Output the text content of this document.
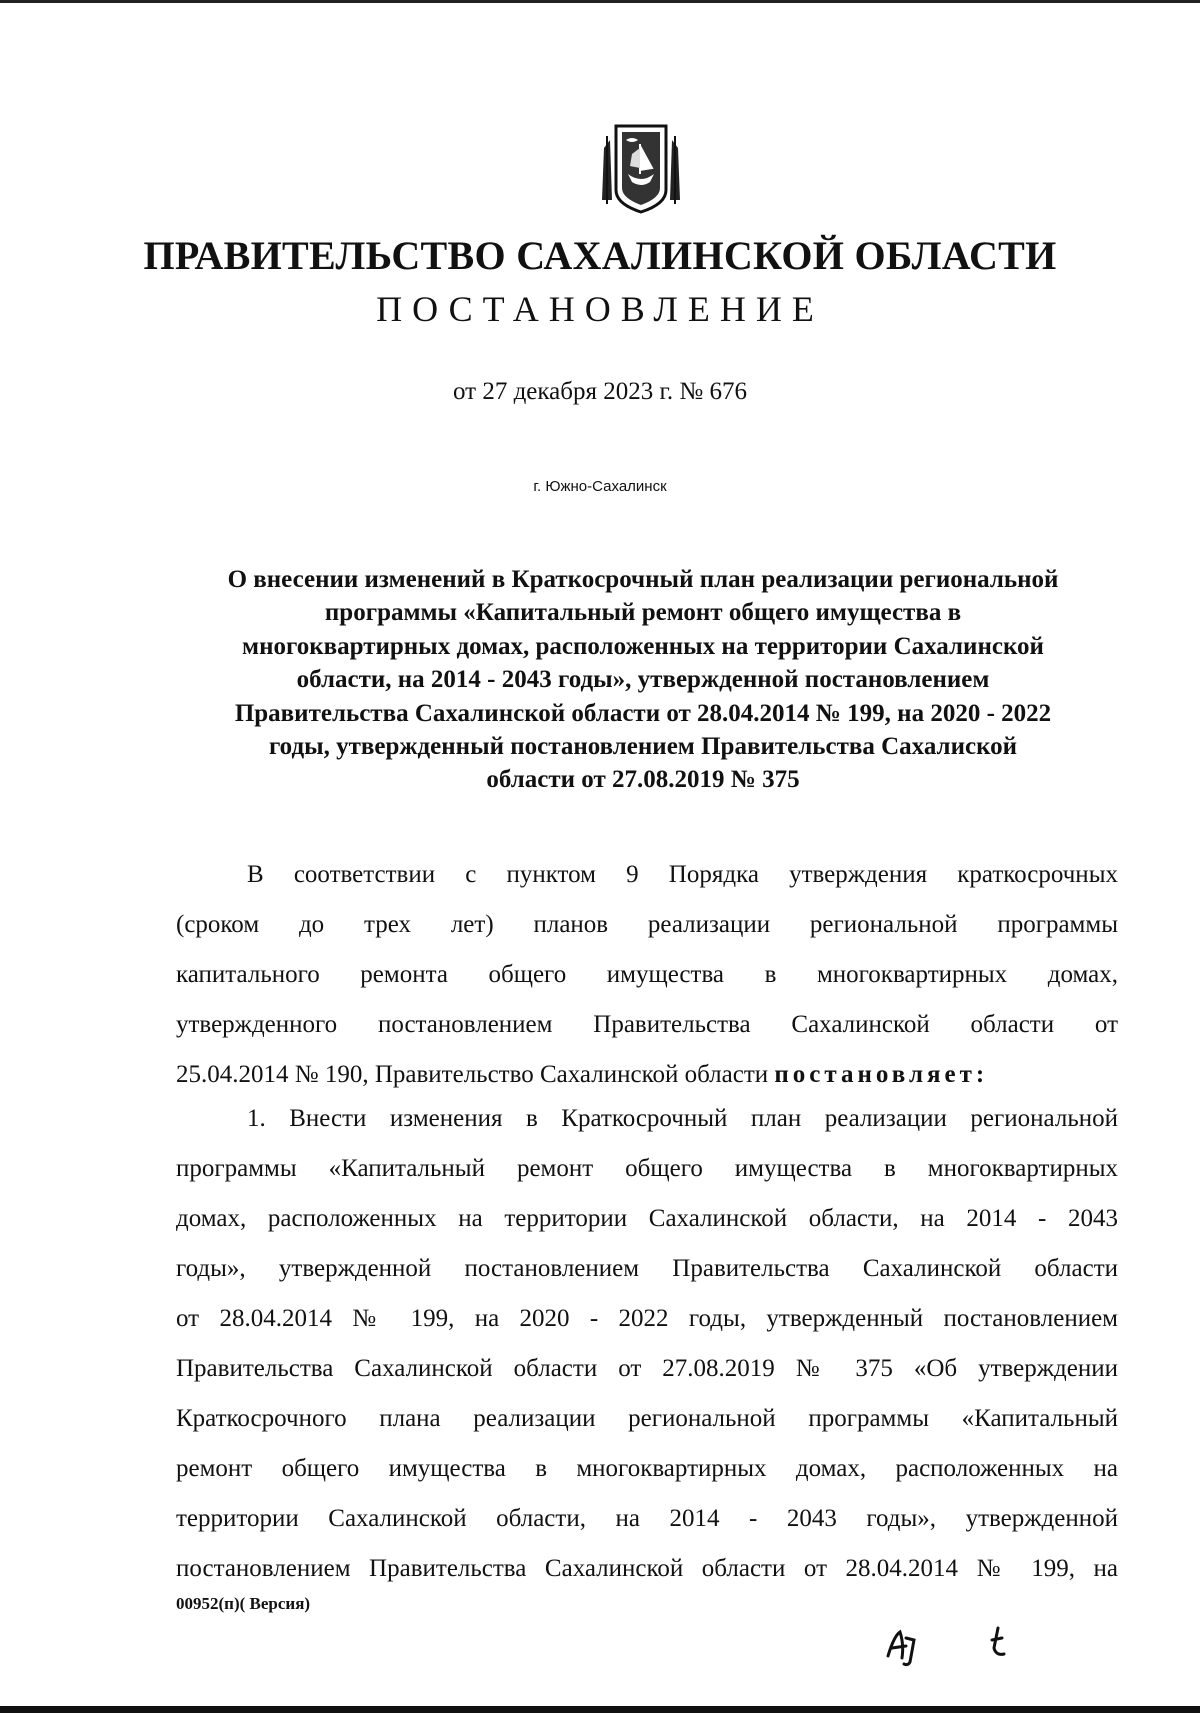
ПРАВИТЕЛЬСТВО САХАЛИНСКОЙ ОБЛАСТИ
ПОСТАНОВЛЕНИЕ
от 27 декабря 2023 г. № 676
г. Южно-Сахалинск
О внесении изменений в Краткосрочный план реализации региональной
программы «Капитальный ремонт общего имущества в
многоквартирных домах, расположенных на территории Сахалинской
области, на 2014 - 2043 годы», утвержденной постановлением
Правительства Сахалинской области от 28.04.2014 № 199, на 2020 - 2022
годы, утвержденный постановлением Правительства Сахалиской
области от 27.08.2019 № 375
В соответствии с пунктом 9 Порядка утверждения краткосрочных
(сроком до трех лет) планов реализации региональной программы
капитального ремонта общего имущества в многоквартирных домах,
утвержденного постановлением Правительства Сахалинской области от
25.04.2014 № 190, Правительство Сахалинской области постановляет:
1. Внести изменения в Краткосрочный план реализации региональной
программы «Капитальный ремонт общего имущества в многоквартирных
домах, расположенных на территории Сахалинской области, на 2014 - 2043
годы», утвержденной постановлением Правительства Сахалинской области
от 28.04.2014 № 199, на 2020 - 2022 годы, утвержденный постановлением
Правительства Сахалинской области от 27.08.2019 № 375 «Об утверждении
Краткосрочного плана реализации региональной программы «Капитальный
ремонт общего имущества в многоквартирных домах, расположенных на
территории Сахалинской области, на 2014 - 2043 годы», утвержденной
постановлением Правительства Сахалинской области от 28.04.2014 № 199, на
00952(п)( Версия)
